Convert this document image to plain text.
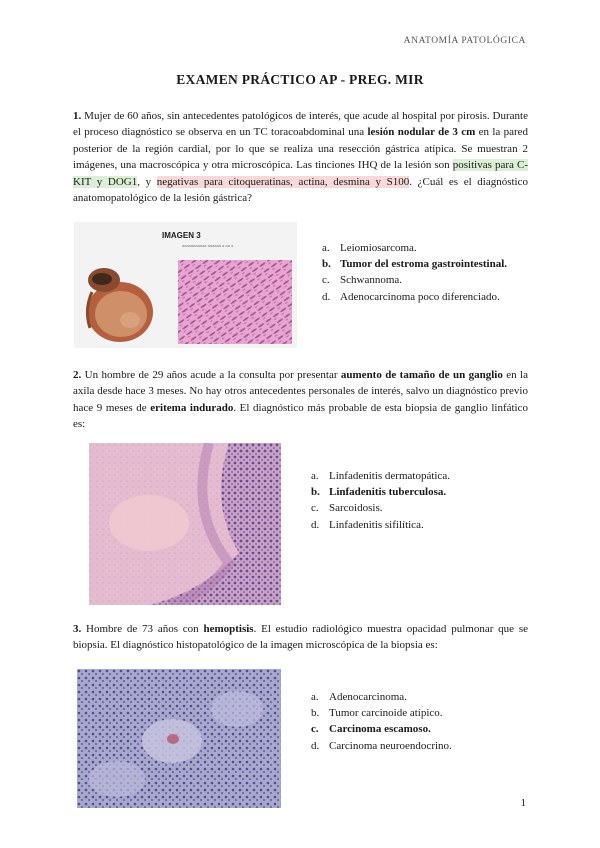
ANATOMÍA PATOLÓGICA
EXAMEN PRÁCTICO AP - PREG. MIR

1. Mujer de 60 años, sin antecedentes patológicos de interés, que acude al hospital por pirosis. Durante el proceso diagnóstico se observa en un TC toracoabdominal una lesión nodular de 3 cm en la pared posterior de la región cardial, por lo que se realiza una resección gástrica atípica. Se muestran 2 imágenes, una macroscópica y otra microscópica. Las tinciones IHQ de la lesión son positivas para C-KIT y DOG1, y negativas para citoqueratinas, actina, desmina y S100. ¿Cuál es el diagnóstico anatomopatológico de la lesión gástrica?

IMAGEN 3
aaaaaaaaaaa aaaaaa a aa a	a. Leiomiosarcoma.
b. Tumor del estroma gastrointestinal.
c. Schwannoma.
d. Adenocarcinoma poco diferenciado.

2. Un hombre de 29 años acude a la consulta por presentar aumento de tamaño de un ganglio en la axila desde hace 3 meses. No hay otros antecedentes personales de interés, salvo un diagnóstico previo hace 9 meses de eritema indurado. El diagnóstico más probable de esta biopsia de ganglio linfático es:

a. Linfadenitis dermatopática.
b. Linfadenitis tuberculosa.
c. Sarcoidosis.
d. Linfadenitis sifilítica.

3. Hombre de 73 años con hemoptisis. El estudio radiológico muestra opacidad pulmonar que se biopsia. El diagnóstico histopatológico de la imagen microscópica de la biopsia es:

a. Adenocarcinoma.
b. Tumor carcinoide atípico.
c. Carcinoma escamoso.
d. Carcinoma neuroendocrino.
1
